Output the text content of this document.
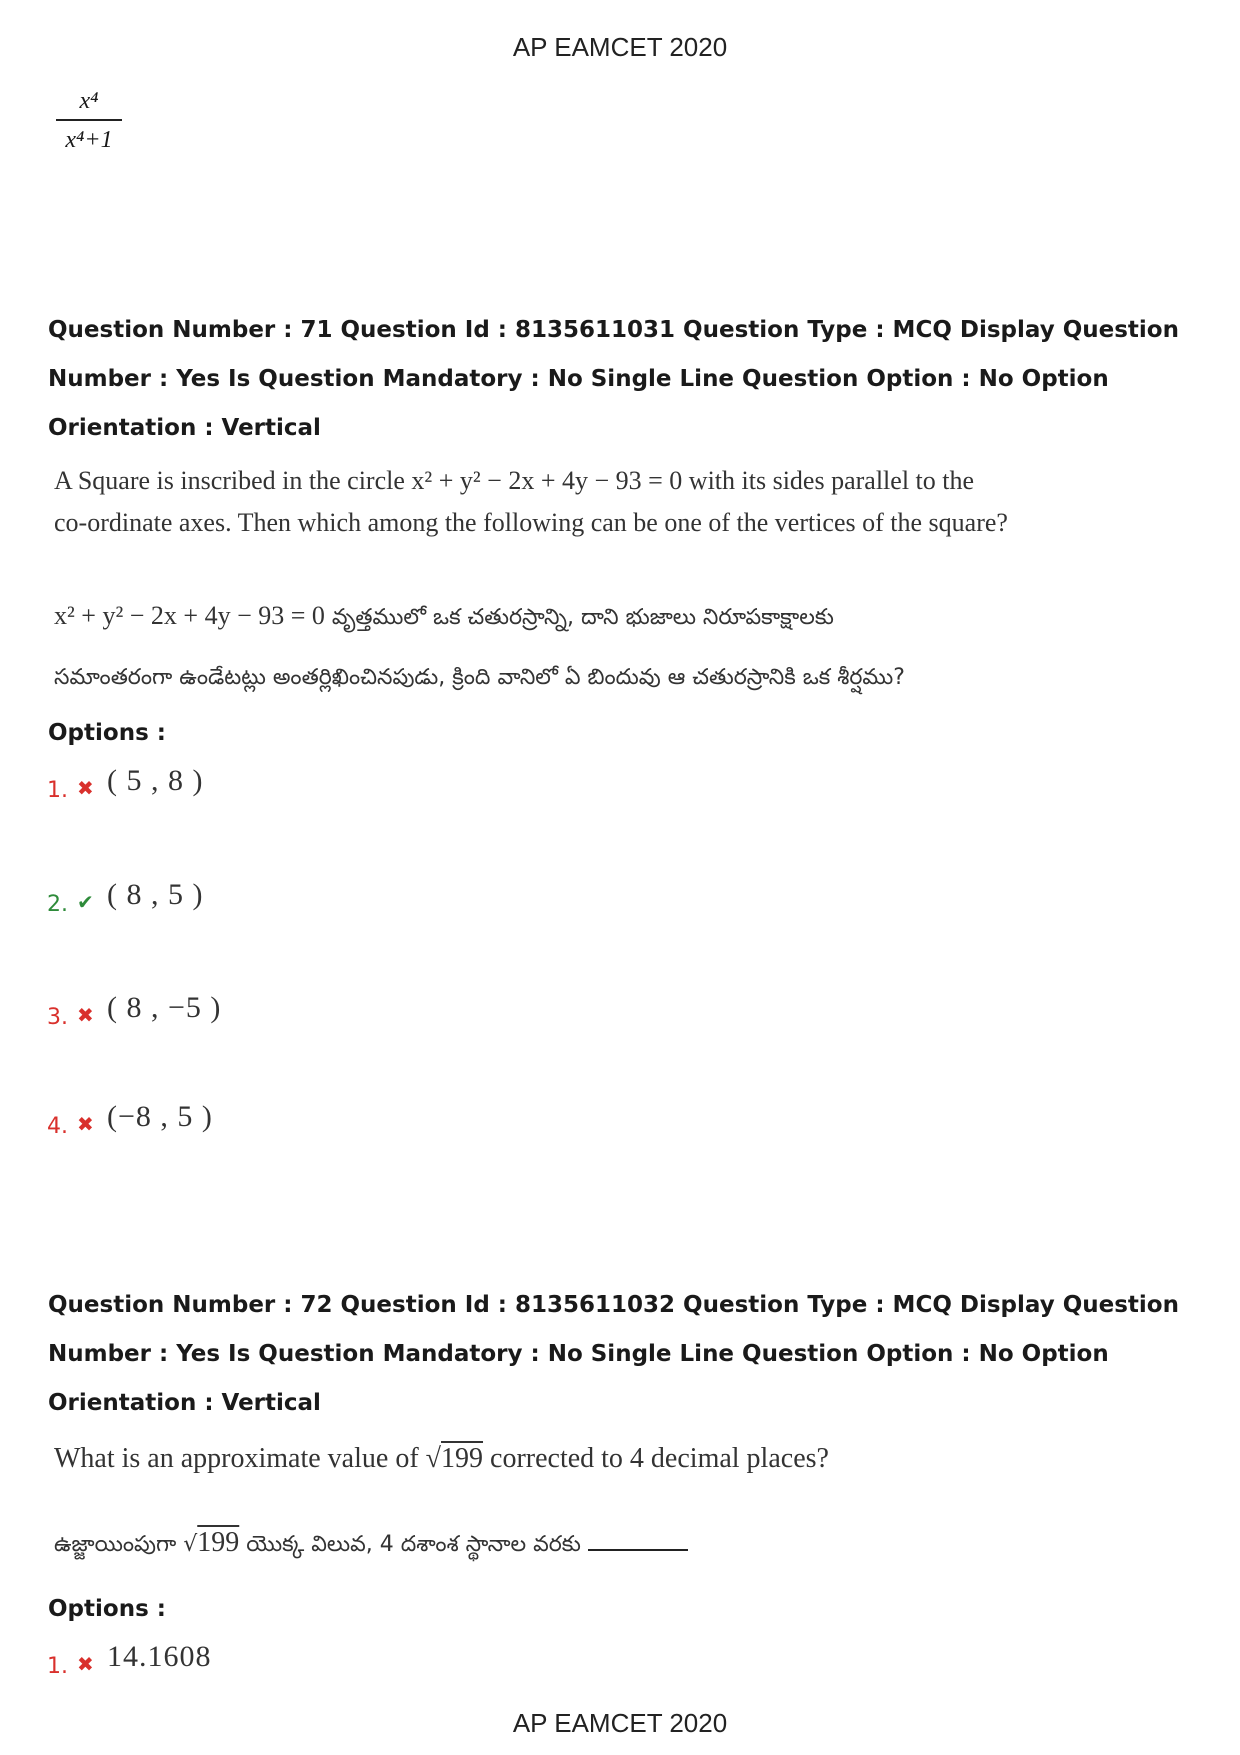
AP EAMCET 2020
x⁴
x⁴+1
Question Number : 71 Question Id : 8135611031 Question Type : MCQ Display Question
Number : Yes Is Question Mandatory : No Single Line Question Option : No Option
Orientation : Vertical
A Square is inscribed in the circle x² + y² − 2x + 4y − 93 = 0 with its sides parallel to the
co-ordinate axes. Then which among the following can be one of the vertices of the square?
x² + y² − 2x + 4y − 93 = 0 వృత్తములో ఒక చతురస్రాన్ని, దాని భుజాలు నిరూపకాక్షాలకు
సమాంతరంగా ఉండేటట్లు అంతర్లిఖించినపుడు, క్రింది వానిలో ఏ బిందువు ఆ చతురస్రానికి ఒక శీర్షము?
Options :
1. ✖ ( 5 , 8 )
2. ✔ ( 8 , 5 )
3. ✖ ( 8 , −5 )
4. ✖ (−8 , 5 )
Question Number : 72 Question Id : 8135611032 Question Type : MCQ Display Question
Number : Yes Is Question Mandatory : No Single Line Question Option : No Option
Orientation : Vertical
What is an approximate value of √199 corrected to 4 decimal places?
ఉజ్జాయింపుగా √199 యొక్క విలువ, 4 దశాంశ స్థానాల వరకు
Options :
1. ✖ 14.1608
AP EAMCET 2020
